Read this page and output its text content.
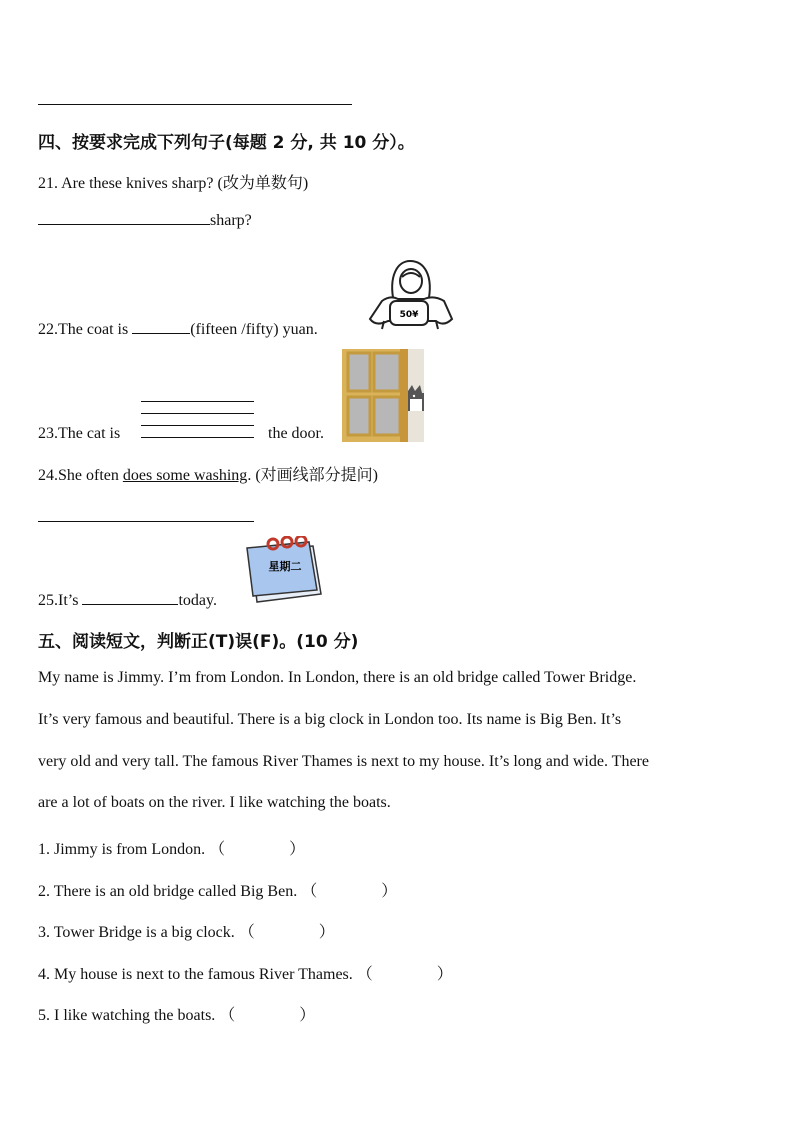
四、按要求完成下列句子(每题 2 分, 共 10 分）。
21. Are these knives sharp? (改为单数句)
sharp?
22.The coat is	(fifteen /fifty) yuan.
50¥
23.The cat is	the door.
24.She often does some washing. (对画线部分提问)
25.It’s	today.
星期二
五、阅读短文，判断正(T)误(F)。(10 分)
My name is Jimmy. I’m from London. In London, there is an old bridge called Tower Bridge.
It’s very famous and beautiful. There is a big clock in London too. Its name is Big Ben. It’s
very old and very tall. The famous River Thames is next to my house. It’s long and wide. There
are a lot of boats on the river. I like watching the boats.
1. Jimmy is from London. （　　　　）
2. There is an old bridge called Big Ben. （　　　　）
3. Tower Bridge is a big clock. （　　　　）
4. My house is next to the famous River Thames. （　　　　）
5. I like watching the boats. （　　　　）
